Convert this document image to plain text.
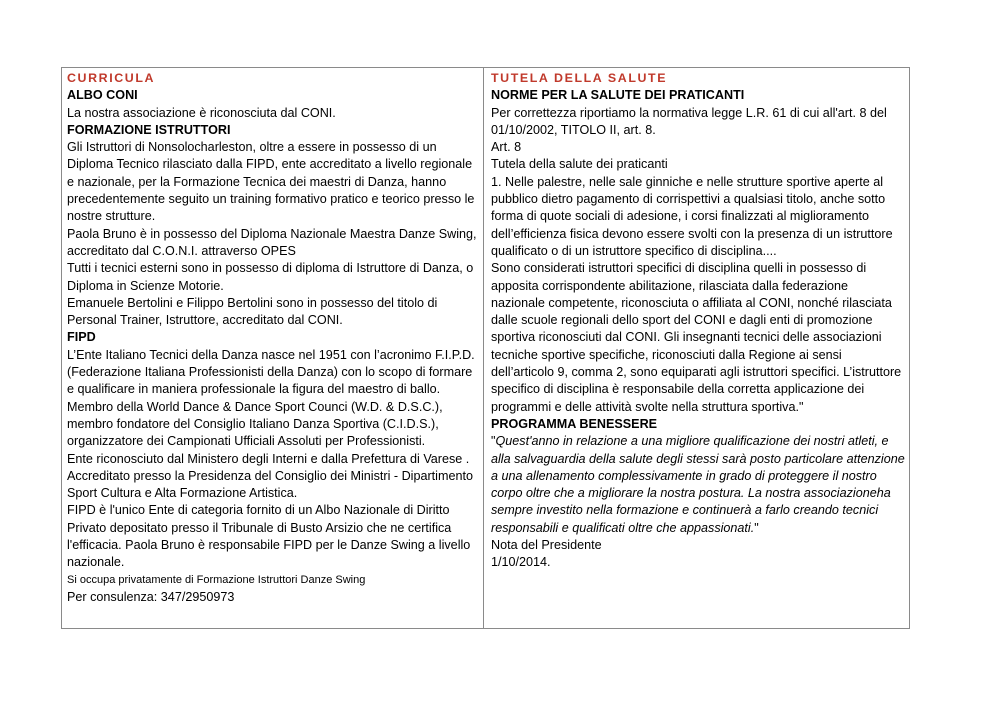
CURRICULA

ALBO CONI

La nostra associazione è riconosciuta dal CONI.

FORMAZIONE ISTRUTTORI

Gli Istruttori di Nonsolocharleston, oltre a essere in possesso di un Diploma Tecnico rilasciato dalla FIPD, ente accreditato a livello regionale e nazionale, per la Formazione Tecnica dei maestri di Danza, hanno precedentemente seguito un training formativo pratico e teorico presso le nostre strutture.

Paola Bruno è in possesso del Diploma Nazionale Maestra Danze Swing, accreditato dal C.O.N.I. attraverso OPES

Tutti i tecnici esterni sono in possesso di diploma di Istruttore di Danza, o Diploma in Scienze Motorie.

Emanuele Bertolini e Filippo Bertolini sono in possesso del titolo di Personal Trainer, Istruttore, accreditato dal CONI.

FIPD

L’Ente Italiano Tecnici della Danza nasce nel 1951 con l’acronimo F.I.P.D.(Federazione Italiana Professionisti della Danza) con lo scopo di formare e qualificare in maniera professionale la figura del maestro di ballo.

Membro della World Dance & Dance Sport Counci (W.D. & D.S.C.), membro fondatore del Consiglio Italiano Danza Sportiva (C.I.D.S.), organizzatore dei Campionati Ufficiali Assoluti per Professionisti.

Ente riconosciuto dal Ministero degli Interni e dalla Prefettura di Varese . Accreditato presso la Presidenza del Consiglio dei Ministri - Dipartimento Sport Cultura e Alta Formazione Artistica.

FIPD è l'unico Ente di categoria fornito di un Albo Nazionale di Diritto Privato depositato presso il Tribunale di Busto Arsizio che ne certifica l'efficacia. Paola Bruno è responsabile FIPD per le Danze Swing a livello nazionale.

Si occupa privatamente di Formazione Istruttori Danze Swing

Per consulenza: 347/2950973

TUTELA DELLA SALUTE

NORME PER LA SALUTE DEI PRATICANTI

Per correttezza riportiamo la normativa legge L.R. 61 di cui all'art. 8 del 01/10/2002, TITOLO II, art. 8.

Art. 8

Tutela della salute dei praticanti

1. Nelle palestre, nelle sale ginniche e nelle strutture sportive aperte al pubblico dietro pagamento di corrispettivi a qualsiasi titolo, anche sotto forma di quote sociali di adesione, i corsi finalizzati al miglioramento dell’efficienza fisica devono essere svolti con la presenza di un istruttore qualificato o di un istruttore specifico di disciplina....

Sono considerati istruttori specifici di disciplina quelli in possesso di apposita corrispondente abilitazione, rilasciata dalla federazione nazionale competente, riconosciuta o affiliata al CONI, nonché rilasciata dalle scuole regionali dello sport del CONI e dagli enti di promozione sportiva riconosciuti dal CONI. Gli insegnanti tecnici delle associazioni tecniche sportive specifiche, riconosciuti dalla Regione ai sensi dell’articolo 9, comma 2, sono equiparati agli istruttori specifici. L’istruttore specifico di disciplina è responsabile della corretta applicazione dei programmi e delle attività svolte nella struttura sportiva."

PROGRAMMA BENESSERE

"Quest'anno in relazione a una migliore qualificazione dei nostri atleti, e alla salvaguardia della salute degli stessi sarà posto particolare attenzione a una allenamento complessivamente in grado di proteggere il nostro corpo oltre che a migliorare la nostra postura. La nostra associazioneha sempre investito nella formazione e continuerà a farlo creando tecnici responsabili e qualificati oltre che appassionati."

Nota del Presidente

1/10/2014.
